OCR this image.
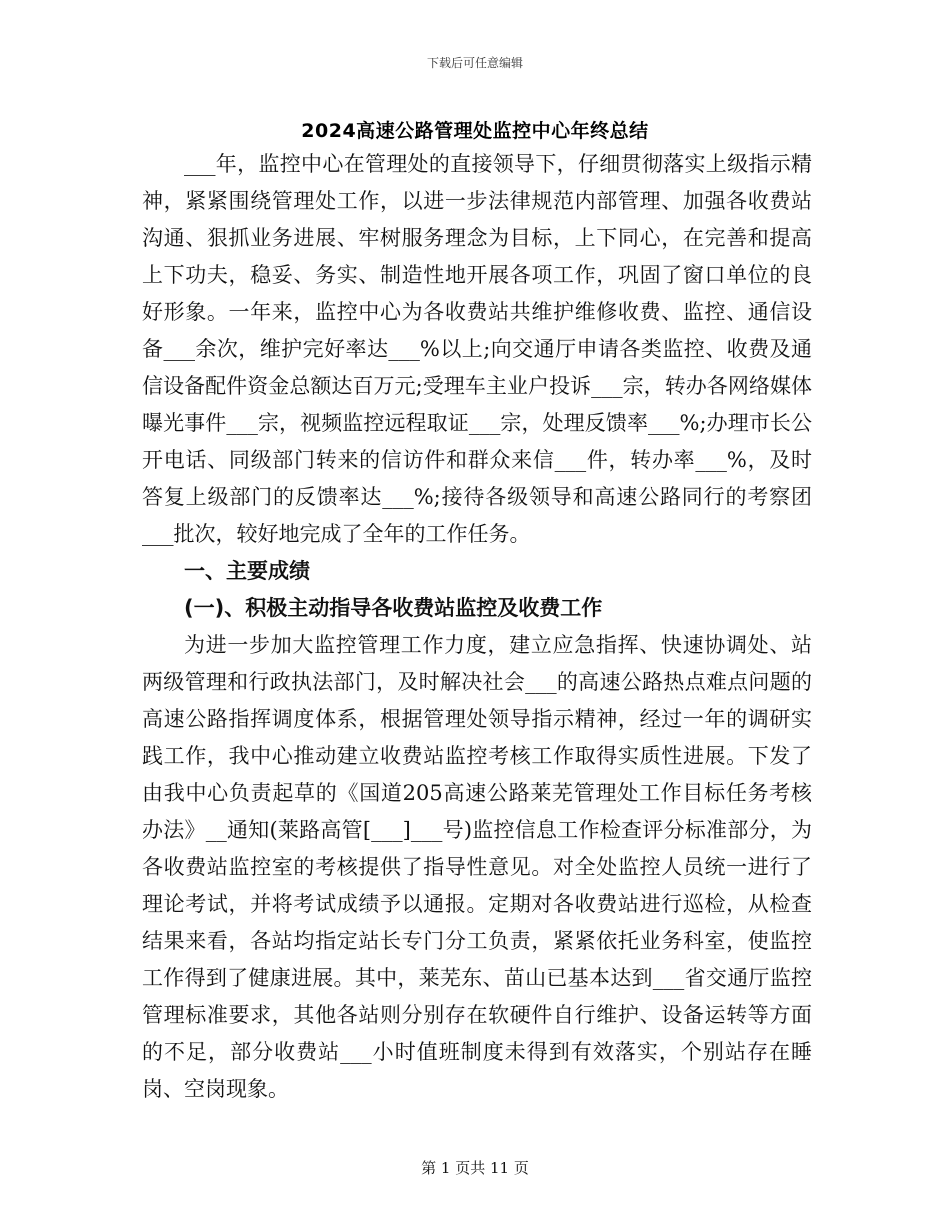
下载后可任意编辑
2024高速公路管理处监控中心年终总结

___年，监控中心在管理处的直接领导下，仔细贯彻落实上级指示精神，紧紧围绕管理处工作，以进一步法律规范内部管理、加强各收费站沟通、狠抓业务进展、牢树服务理念为目标，上下同心，在完善和提高上下功夫，稳妥、务实、制造性地开展各项工作，巩固了窗口单位的良好形象。一年来，监控中心为各收费站共维护维修收费、监控、通信设备___余次，维护完好率达___%以上;向交通厅申请各类监控、收费及通信设备配件资金总额达百万元;受理车主业户投诉___宗，转办各网络媒体曝光事件___宗，视频监控远程取证___宗，处理反馈率___%;办理市长公开电话、同级部门转来的信访件和群众来信___件，转办率___%，及时答复上级部门的反馈率达___%;接待各级领导和高速公路同行的考察团___批次，较好地完成了全年的工作任务。

一、主要成绩

(一)、积极主动指导各收费站监控及收费工作

为进一步加大监控管理工作力度，建立应急指挥、快速协调处、站两级管理和行政执法部门，及时解决社会___的高速公路热点难点问题的高速公路指挥调度体系，根据管理处领导指示精神，经过一年的调研实践工作，我中心推动建立收费站监控考核工作取得实质性进展。下发了由我中心负责起草的《国道205高速公路莱芜管理处工作目标任务考核办法》__通知(莱路高管[___]___号)监控信息工作检查评分标准部分，为各收费站监控室的考核提供了指导性意见。对全处监控人员统一进行了理论考试，并将考试成绩予以通报。定期对各收费站进行巡检，从检查结果来看，各站均指定站长专门分工负责，紧紧依托业务科室，使监控工作得到了健康进展。其中，莱芜东、苗山已基本达到___省交通厅监控管理标准要求，其他各站则分别存在软硬件自行维护、设备运转等方面的不足，部分收费站___小时值班制度未得到有效落实，个别站存在睡岗、空岗现象。

第 1 页共 11 页
